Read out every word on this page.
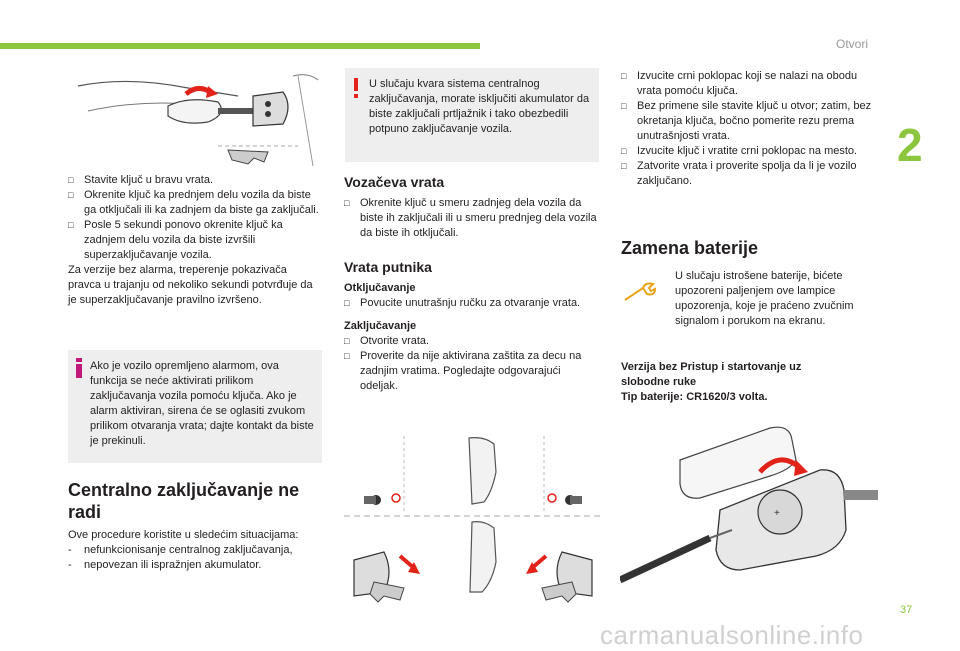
Otvori
2
□ Stavite ključ u bravu vrata.
□ Okrenite ključ ka prednjem delu vozila da biste ga otključali ili ka zadnjem da biste ga zaključali.
□ Posle 5 sekundi ponovo okrenite ključ ka zadnjem delu vozila da biste izvršili superzaključavanje vozila.
Za verzije bez alarma, treperenje pokazivača pravca u trajanju od nekoliko sekundi potvrđuje da je superzaključavanje pravilno izvršeno.
Ako je vozilo opremljeno alarmom, ova funkcija se neće aktivirati prilikom zaključavanja vozila pomoću ključa. Ako je alarm aktiviran, sirena će se oglasiti zvukom prilikom otvaranja vrata; dajte kontakt da biste je prekinuli.
Centralno zaključavanje ne radi
Ove procedure koristite u sledećim situacijama:
- nefunkcionisanje centralnog zaključavanja,
- nepovezan ili ispražnjen akumulator.
U slučaju kvara sistema centralnog zaključavanja, morate isključiti akumulator da biste zaključali prtljažnik i tako obezbedili potpuno zaključavanje vozila.
Vozačeva vrata
□ Okrenite ključ u smeru zadnjeg dela vozila da biste ih zaključali ili u smeru prednjeg dela vozila da biste ih otključali.
Vrata putnika
Otključavanje
□ Povucite unutrašnju ručku za otvaranje vrata.
Zaključavanje
□ Otvorite vrata.
□ Proverite da nije aktivirana zaštita za decu na zadnjim vratima. Pogledajte odgovarajući odeljak.
□ Izvucite crni poklopac koji se nalazi na obodu vrata pomoću ključa.
□ Bez primene sile stavite ključ u otvor; zatim, bez okretanja ključa, bočno pomerite rezu prema unutrašnjosti vrata.
□ Izvucite ključ i vratite crni poklopac na mesto.
□ Zatvorite vrata i proverite spolja da li je vozilo zaključano.
Zamena baterije
U slučaju istrošene baterije, bićete upozoreni paljenjem ove lampice upozorenja, koje je praćeno zvučnim signalom i porukom na ekranu.
Verzija bez Pristup i startovanje uz
slobodne ruke
Tip baterije: CR1620/3 volta.
+
37
carmanualsonline.info
